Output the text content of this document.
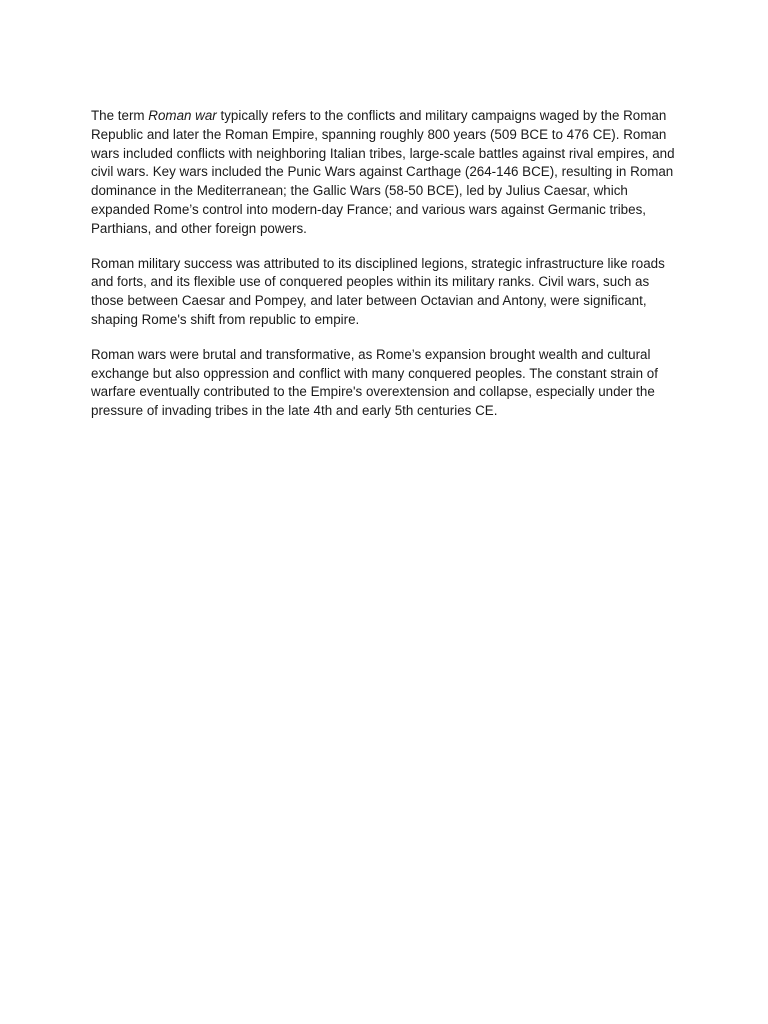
The term Roman war typically refers to the conflicts and military campaigns waged by the Roman Republic and later the Roman Empire, spanning roughly 800 years (509 BCE to 476 CE). Roman wars included conflicts with neighboring Italian tribes, large-scale battles against rival empires, and civil wars. Key wars included the Punic Wars against Carthage (264-146 BCE), resulting in Roman dominance in the Mediterranean; the Gallic Wars (58-50 BCE), led by Julius Caesar, which expanded Rome’s control into modern-day France; and various wars against Germanic tribes, Parthians, and other foreign powers.

Roman military success was attributed to its disciplined legions, strategic infrastructure like roads and forts, and its flexible use of conquered peoples within its military ranks. Civil wars, such as those between Caesar and Pompey, and later between Octavian and Antony, were significant, shaping Rome's shift from republic to empire.

Roman wars were brutal and transformative, as Rome’s expansion brought wealth and cultural exchange but also oppression and conflict with many conquered peoples. The constant strain of warfare eventually contributed to the Empire's overextension and collapse, especially under the pressure of invading tribes in the late 4th and early 5th centuries CE.
